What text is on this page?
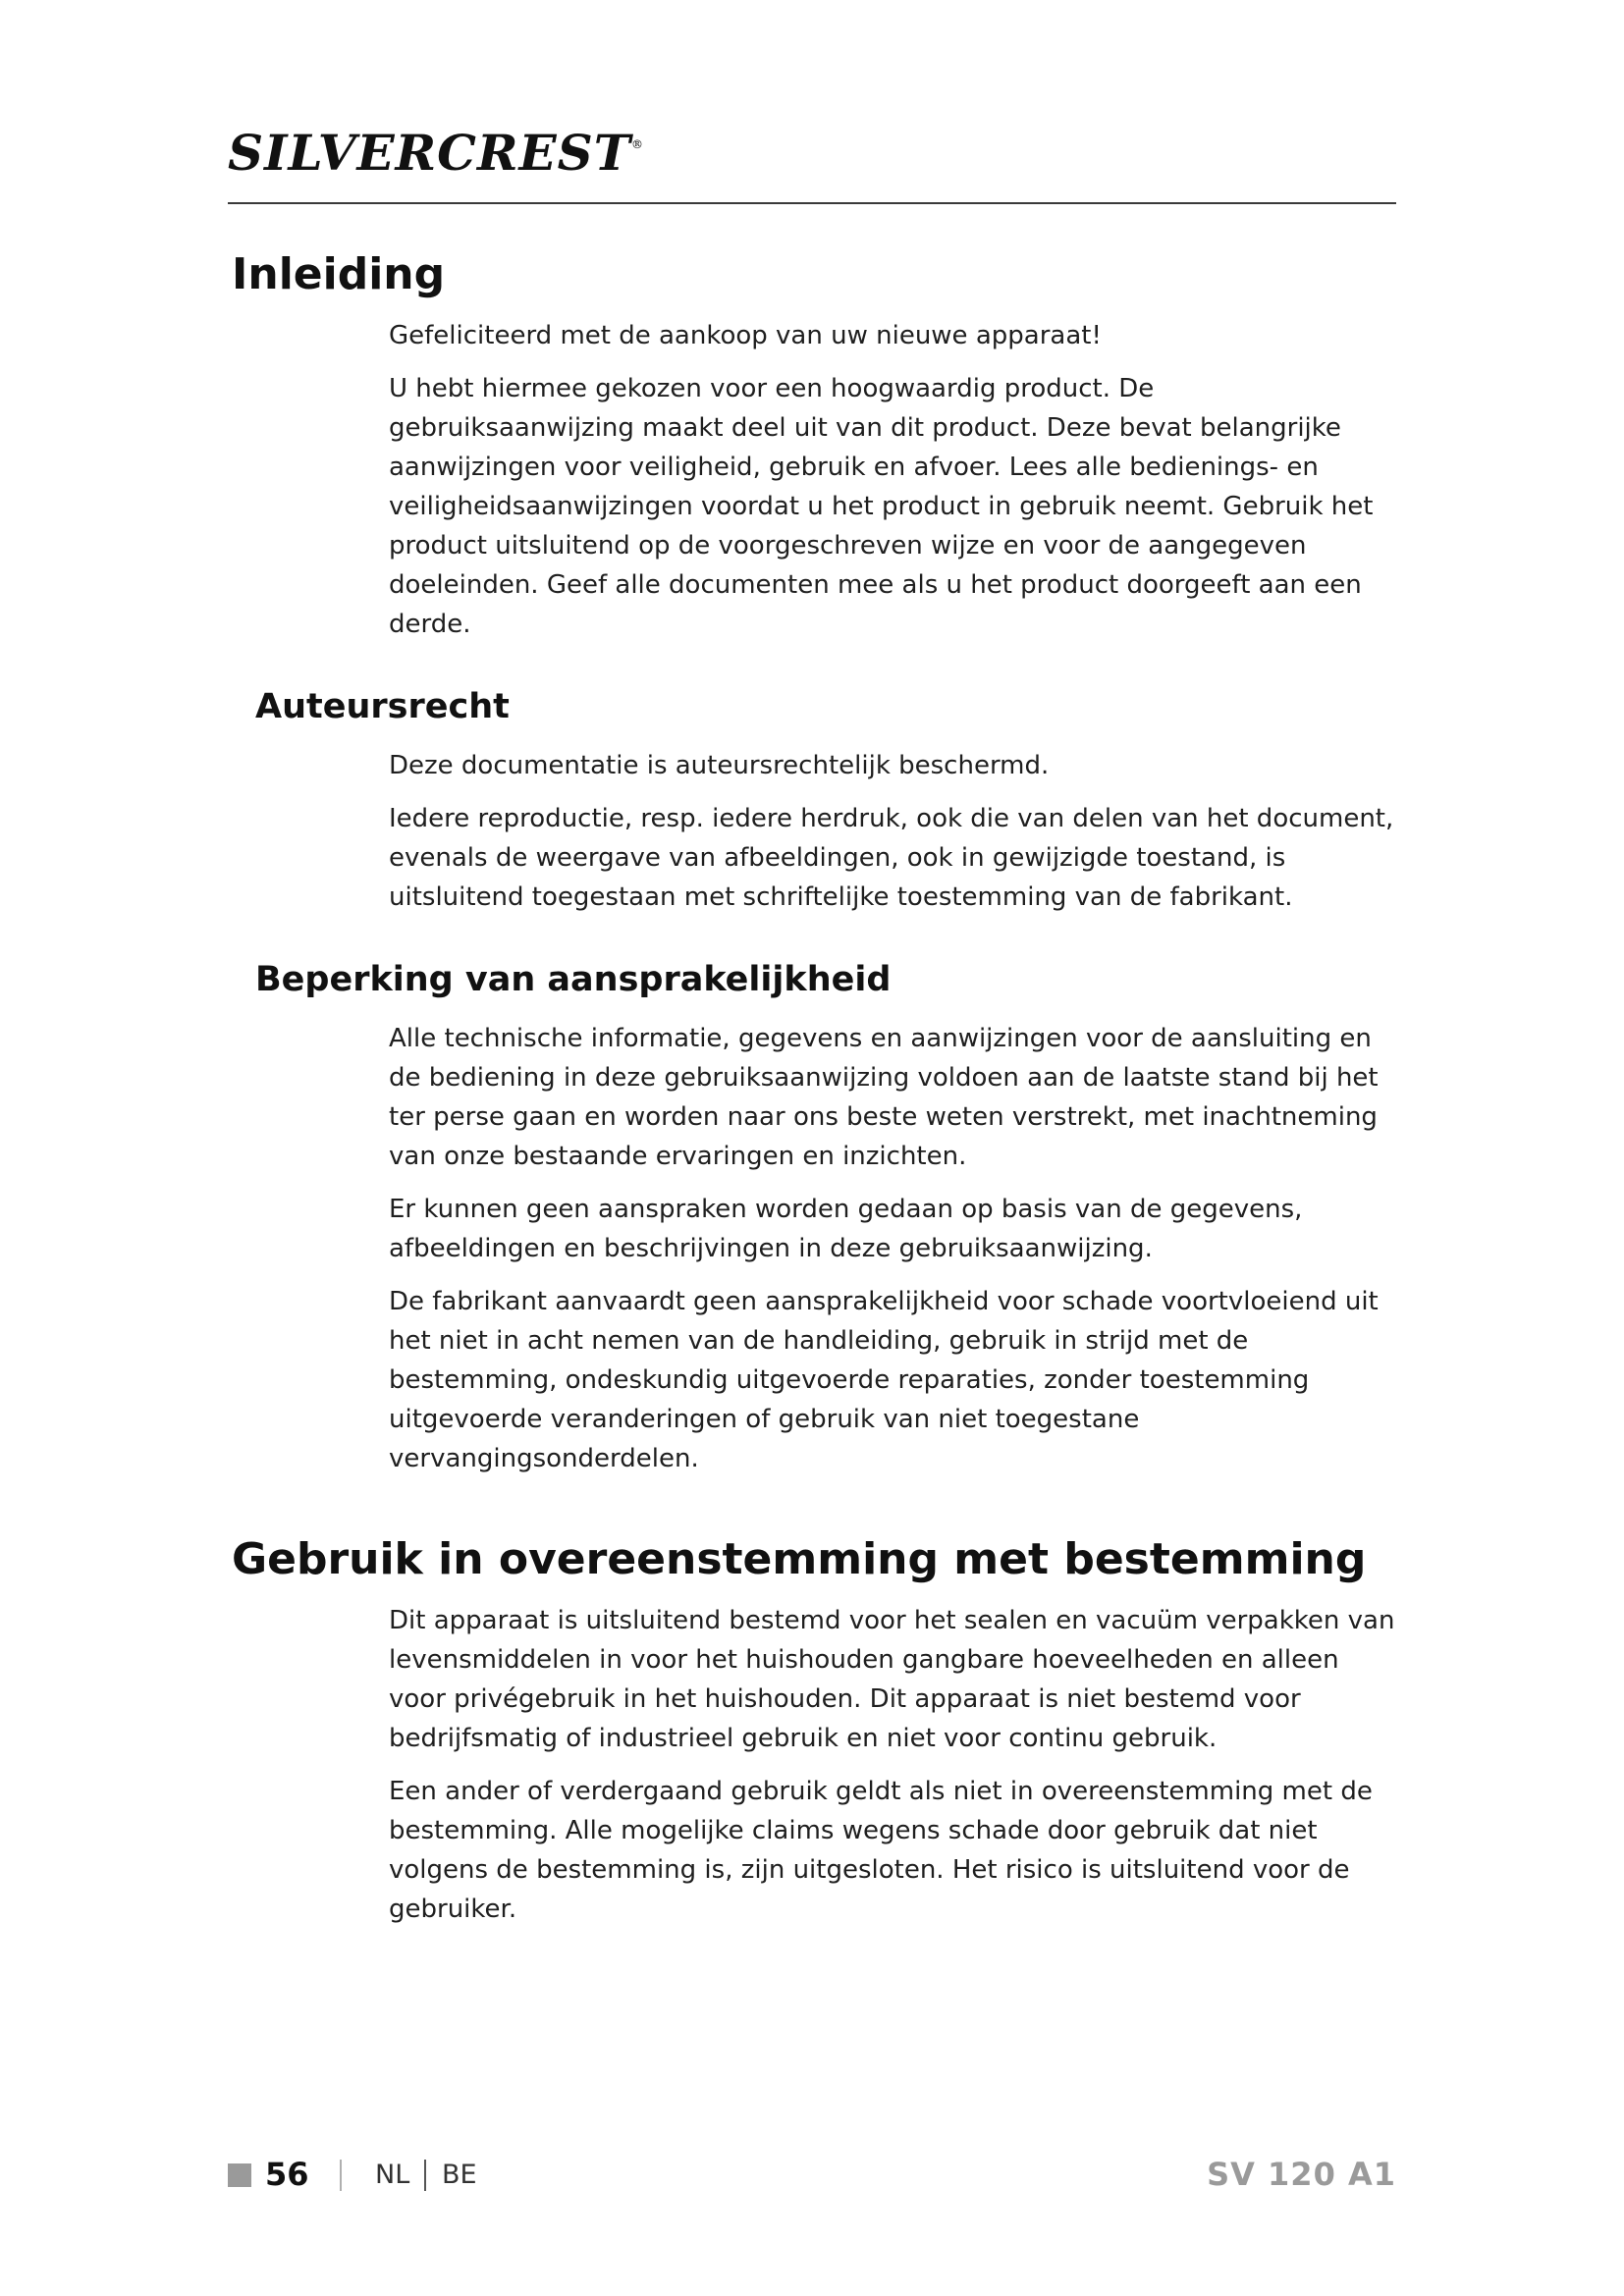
SILVERCREST®
Inleiding

Gefeliciteerd met de aankoop van uw nieuwe apparaat!

U hebt hiermee gekozen voor een hoogwaardig product. De gebruiksaanwijzing maakt deel uit van dit product. Deze bevat belangrijke aanwijzingen voor veiligheid, gebruik en afvoer. Lees alle bedienings- en veiligheidsaanwijzingen voordat u het product in gebruik neemt. Gebruik het product uitsluitend op de voorgeschreven wijze en voor de aangegeven doeleinden. Geef alle documenten mee als u het product doorgeeft aan een derde.

Auteursrecht

Deze documentatie is auteursrechtelijk beschermd.

Iedere reproductie, resp. iedere herdruk, ook die van delen van het document, evenals de weergave van afbeeldingen, ook in gewijzigde toestand, is uitsluitend toegestaan met schriftelijke toestemming van de fabrikant.

Beperking van aansprakelijkheid

Alle technische informatie, gegevens en aanwijzingen voor de aansluiting en de bediening in deze gebruiksaanwijzing voldoen aan de laatste stand bij het ter perse gaan en worden naar ons beste weten verstrekt, met inachtneming van onze bestaande ervaringen en inzichten.

Er kunnen geen aanspraken worden gedaan op basis van de gegevens, afbeeldingen en beschrijvingen in deze gebruiksaanwijzing.

De fabrikant aanvaardt geen aansprakelijkheid voor schade voortvloeiend uit het niet in acht nemen van de handleiding, gebruik in strijd met de bestemming, ondeskundig uitgevoerde reparaties, zonder toestemming uitgevoerde veranderingen of gebruik van niet toegestane vervangingsonderdelen.

Gebruik in overeenstemming met bestemming

Dit apparaat is uitsluitend bestemd voor het sealen en vacuüm verpakken van levensmiddelen in voor het huishouden gangbare hoeveelheden en alleen voor privégebruik in het huishouden. Dit apparaat is niet bestemd voor bedrijfsmatig of industrieel gebruik en niet voor continu gebruik.

Een ander of verdergaand gebruik geldt als niet in overeenstemming met de bestemming. Alle mogelijke claims wegens schade door gebruik dat niet volgens de bestemming is, zijn uitgesloten. Het risico is uitsluitend voor de gebruiker.

56 NL BE	SV 120 A1
